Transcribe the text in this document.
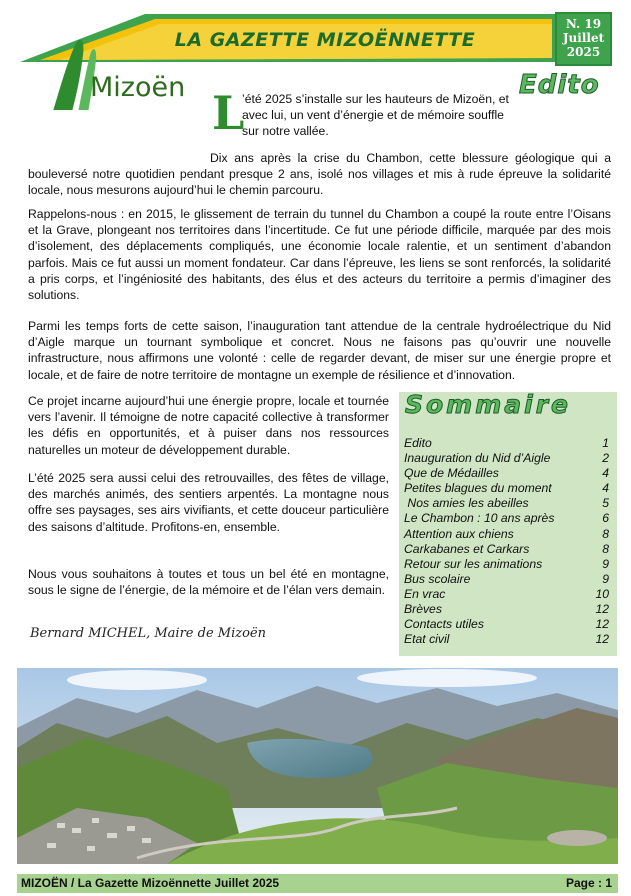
LA GAZETTE MIZOËNNETTE
N. 19
Juillet
2025
Mizoën	Edito
L

’été 2025 s’installe sur les hauteurs de Mizoën, et avec lui, un vent d’énergie et de mémoire souffle sur notre vallée.

Dix ans après la crise du Chambon, cette blessure géologique qui a bouleversé notre quotidien pendant presque 2 ans, isolé nos villages et mis à rude épreuve la solidarité locale, nous mesurons aujourd’hui le chemin parcouru.

Rappelons-nous : en 2015, le glissement de terrain du tunnel du Chambon a coupé la route entre l’Oisans et la Grave, plongeant nos territoires dans l’incertitude. Ce fut une période difficile, marquée par des mois d’isolement, des déplacements compliqués, une économie locale ralentie, et un sentiment d’abandon parfois. Mais ce fut aussi un moment fondateur. Car dans l’épreuve, les liens se sont renforcés, la solidarité a pris corps, et l’ingéniosité des habitants, des élus et des acteurs du territoire a permis d’imaginer des solutions.

Parmi les temps forts de cette saison, l’inauguration tant attendue de la centrale hydroélectrique du Nid d’Aigle marque un tournant symbolique et concret. Nous ne faisons pas qu’ouvrir une nouvelle infrastructure, nous affirmons une volonté : celle de regarder devant, de miser sur une énergie propre et locale, et de faire de notre territoire de montagne un exemple de résilience et d’innovation.

Ce projet incarne aujourd’hui une énergie propre, locale et tournée vers l’avenir. Il témoigne de notre capacité collective à transformer les défis en opportunités, et à puiser dans nos ressources naturelles un moteur de développement durable.

L’été 2025 sera aussi celui des retrouvailles, des fêtes de village, des marchés animés, des sentiers arpentés. La montagne nous offre ses paysages, ses airs vivifiants, et cette douceur particulière des saisons d’altitude. Profitons-en, ensemble.

Nous vous souhaitons à toutes et tous un bel été en montagne, sous le signe de l’énergie, de la mémoire et de l’élan vers demain.

Bernard MICHEL, Maire de Mizoën
Sommaire
Edito	1
Inauguration du Nid d’Aigle	2
Que de Médailles	4
Petites blagues du moment	4
Nos amies les abeilles	5
Le Chambon : 10 ans après	6
Attention aux chiens	8
Carkabanes et Carkars	8
Retour sur les animations	9
Bus scolaire	9
En vrac	10
Brèves	12
Contacts utiles	12
Etat civil	12
MIZOËN / La Gazette Mizoënnette Juillet 2025	Page : 1
